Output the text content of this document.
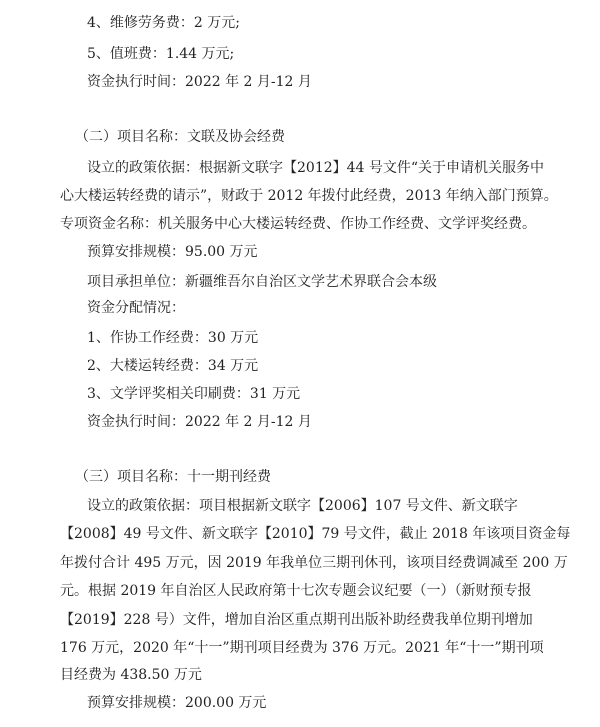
4、维修劳务费：2 万元;
5、值班费：1.44 万元;
资金执行时间：2022 年 2 月-12 月
（二）项目名称：文联及协会经费
设立的政策依据：根据新文联字【2012】44 号文件“关于申请机关服务中
心大楼运转经费的请示”，财政于 2012 年拨付此经费，2013 年纳入部门预算。
专项资金名称：机关服务中心大楼运转经费、作协工作经费、文学评奖经费。
预算安排规模：95.00 万元
项目承担单位：新疆维吾尔自治区文学艺术界联合会本级
资金分配情况：
1、作协工作经费：30 万元
2、大楼运转经费：34 万元
3、文学评奖相关印刷费：31 万元
资金执行时间：2022 年 2 月-12 月
（三）项目名称：十一期刊经费
设立的政策依据：项目根据新文联字【2006】107 号文件、新文联字
【2008】49 号文件、新文联字【2010】79 号文件，截止 2018 年该项目资金每
年拨付合计 495 万元，因 2019 年我单位三期刊休刊，该项目经费调减至 200 万
元。根据 2019 年自治区人民政府第十七次专题会议纪要（一）（新财预专报
【2019】228 号）文件，增加自治区重点期刊出版补助经费我单位期刊增加
176 万元，2020 年“十一”期刊项目经费为 376 万元。2021 年“十一”期刊项
目经费为 438.50 万元
预算安排规模：200.00 万元
